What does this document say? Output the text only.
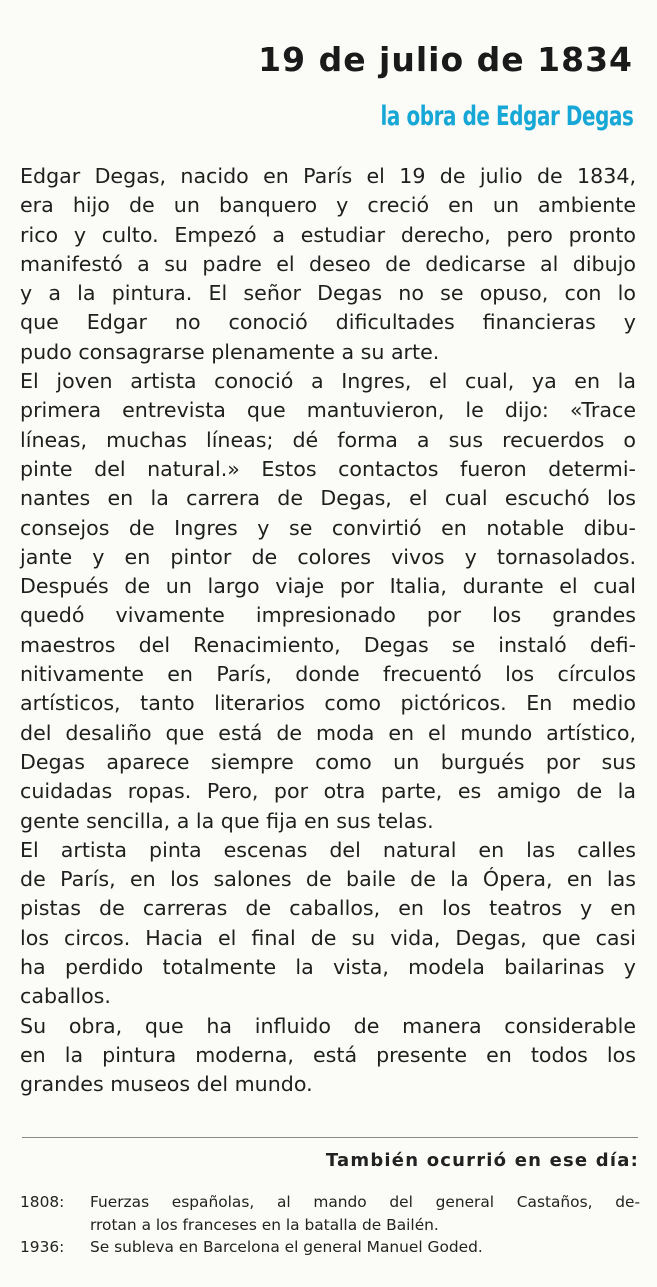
19 de julio de 1834
la obra de Edgar Degas
Edgar Degas, nacido en París el 19 de julio de 1834,
era hijo de un banquero y creció en un ambiente
rico y culto. Empezó a estudiar derecho, pero pronto
manifestó a su padre el deseo de dedicarse al dibujo
y a la pintura. El señor Degas no se opuso, con lo
que Edgar no conoció dificultades financieras y
pudo consagrarse plenamente a su arte.
El joven artista conoció a Ingres, el cual, ya en la
primera entrevista que mantuvieron, le dijo: «Trace
líneas, muchas líneas; dé forma a sus recuerdos o
pinte del natural.» Estos contactos fueron determi-
nantes en la carrera de Degas, el cual escuchó los
consejos de Ingres y se convirtió en notable dibu-
jante y en pintor de colores vivos y tornasolados.
Después de un largo viaje por Italia, durante el cual
quedó vivamente impresionado por los grandes
maestros del Renacimiento, Degas se instaló defi-
nitivamente en París, donde frecuentó los círculos
artísticos, tanto literarios como pictóricos. En medio
del desaliño que está de moda en el mundo artístico,
Degas aparece siempre como un burgués por sus
cuidadas ropas. Pero, por otra parte, es amigo de la
gente sencilla, a la que fija en sus telas.
El artista pinta escenas del natural en las calles
de París, en los salones de baile de la Ópera, en las
pistas de carreras de caballos, en los teatros y en
los circos. Hacia el final de su vida, Degas, que casi
ha perdido totalmente la vista, modela bailarinas y
caballos.
Su obra, que ha influido de manera considerable
en la pintura moderna, está presente en todos los
grandes museos del mundo.
También ocurrió en ese día:
1808:	Fuerzas españolas, al mando del general Castaños, de-
rrotan a los franceses en la batalla de Bailén.
1936:	Se subleva en Barcelona el general Manuel Goded.
